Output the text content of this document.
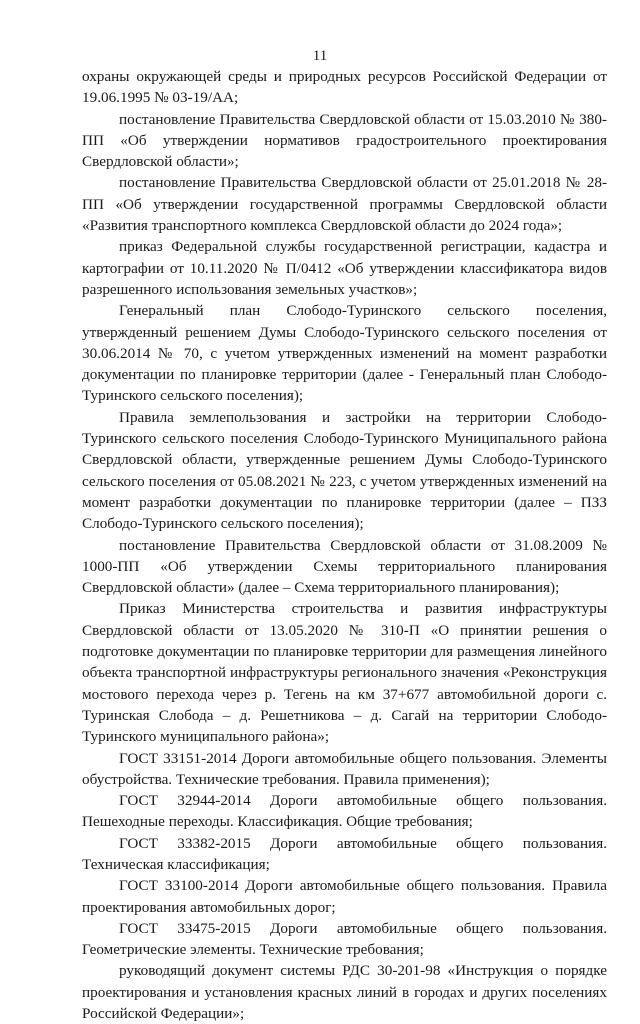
11

охраны окружающей среды и природных ресурсов Российской Федерации от 19.06.1995 № 03-19/АА;

постановление Правительства Свердловской области от 15.03.2010 № 380- ПП «Об утверждении нормативов градостроительного проектирования Свердловской области»;

постановление Правительства Свердловской области от 25.01.2018 № 28-ПП «Об утверждении государственной программы Свердловской области «Развития транспортного комплекса Свердловской области до 2024 года»;

приказ Федеральной службы государственной регистрации, кадастра и картографии от 10.11.2020 № П/0412 «Об утверждении классификатора видов разрешенного использования земельных участков»;

Генеральный план Слободо-Туринского сельского поселения, утвержденный решением Думы Слободо-Туринского сельского поселения от 30.06.2014 № 70, с учетом утвержденных изменений на момент разработки документации по планировке территории (далее - Генеральный план Слободо-Туринского сельского поселения);

Правила землепользования и застройки на территории Слободо-Туринского сельского поселения Слободо-Туринского Муниципального района Свердловской области, утвержденные решением Думы Слободо-Туринского сельского поселения от 05.08.2021 № 223, с учетом утвержденных изменений на момент разработки документации по планировке территории (далее – ПЗЗ Слободо-Туринского сельского поселения);

постановление Правительства Свердловской области от 31.08.2009 № 1000-ПП «Об утверждении Схемы территориального планирования Свердловской области» (далее – Схема территориального планирования);

Приказ Министерства строительства и развития инфраструктуры Свердловской области от 13.05.2020 № 310-П «О принятии решения о подготовке документации по планировке территории для размещения линейного объекта транспортной инфраструктуры регионального значения «Реконструкция мостового перехода через р. Тегень на км 37+677 автомобильной дороги с. Туринская Слобода – д. Решетникова – д. Сагай на территории Слободо-Туринского муниципального района»;

ГОСТ 33151-2014 Дороги автомобильные общего пользования. Элементы обустройства. Технические требования. Правила применения);

ГОСТ 32944-2014 Дороги автомобильные общего пользования. Пешеходные переходы. Классификация. Общие требования;

ГОСТ 33382-2015 Дороги автомобильные общего пользования. Техническая классификация;

ГОСТ 33100-2014 Дороги автомобильные общего пользования. Правила проектирования автомобильных дорог;

ГОСТ 33475-2015 Дороги автомобильные общего пользования. Геометрические элементы. Технические требования;

руководящий документ системы РДС 30-201-98 «Инструкция о порядке проектирования и установления красных линий в городах и других поселениях Российской Федерации»;
